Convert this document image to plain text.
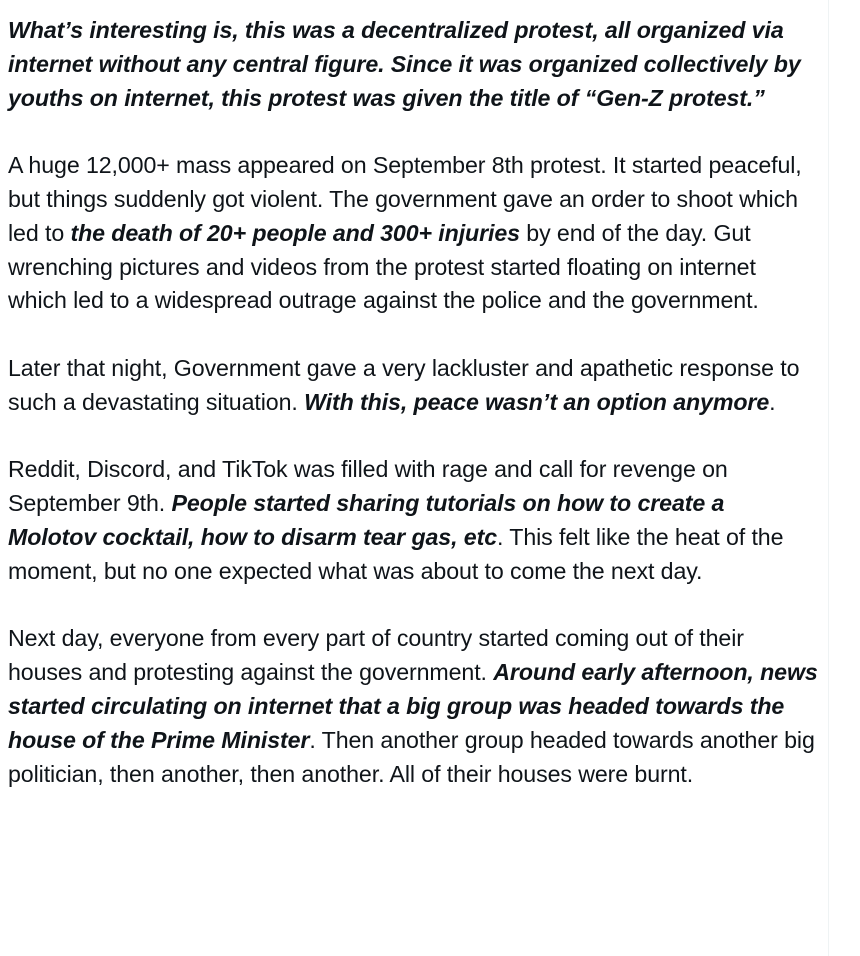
What’s interesting is, this was a decentralized protest, all organized via internet without any central figure. Since it was organized collectively by youths on internet, this protest was given the title of “Gen-Z protest.”

A huge 12,000+ mass appeared on September 8th protest. It started peaceful, but things suddenly got violent. The government gave an order to shoot which led to the death of 20+ people and 300+ injuries by end of the day. Gut wrenching pictures and videos from the protest started floating on internet which led to a widespread outrage against the police and the government.

Later that night, Government gave a very lackluster and apathetic response to such a devastating situation. With this, peace wasn’t an option anymore.

Reddit, Discord, and TikTok was filled with rage and call for revenge on September 9th. People started sharing tutorials on how to create a Molotov cocktail, how to disarm tear gas, etc. This felt like the heat of the moment, but no one expected what was about to come the next day.

Next day, everyone from every part of country started coming out of their houses and protesting against the government. Around early afternoon, news started circulating on internet that a big group was headed towards the house of the Prime Minister. Then another group headed towards another big politician, then another, then another. All of their houses were burnt.
